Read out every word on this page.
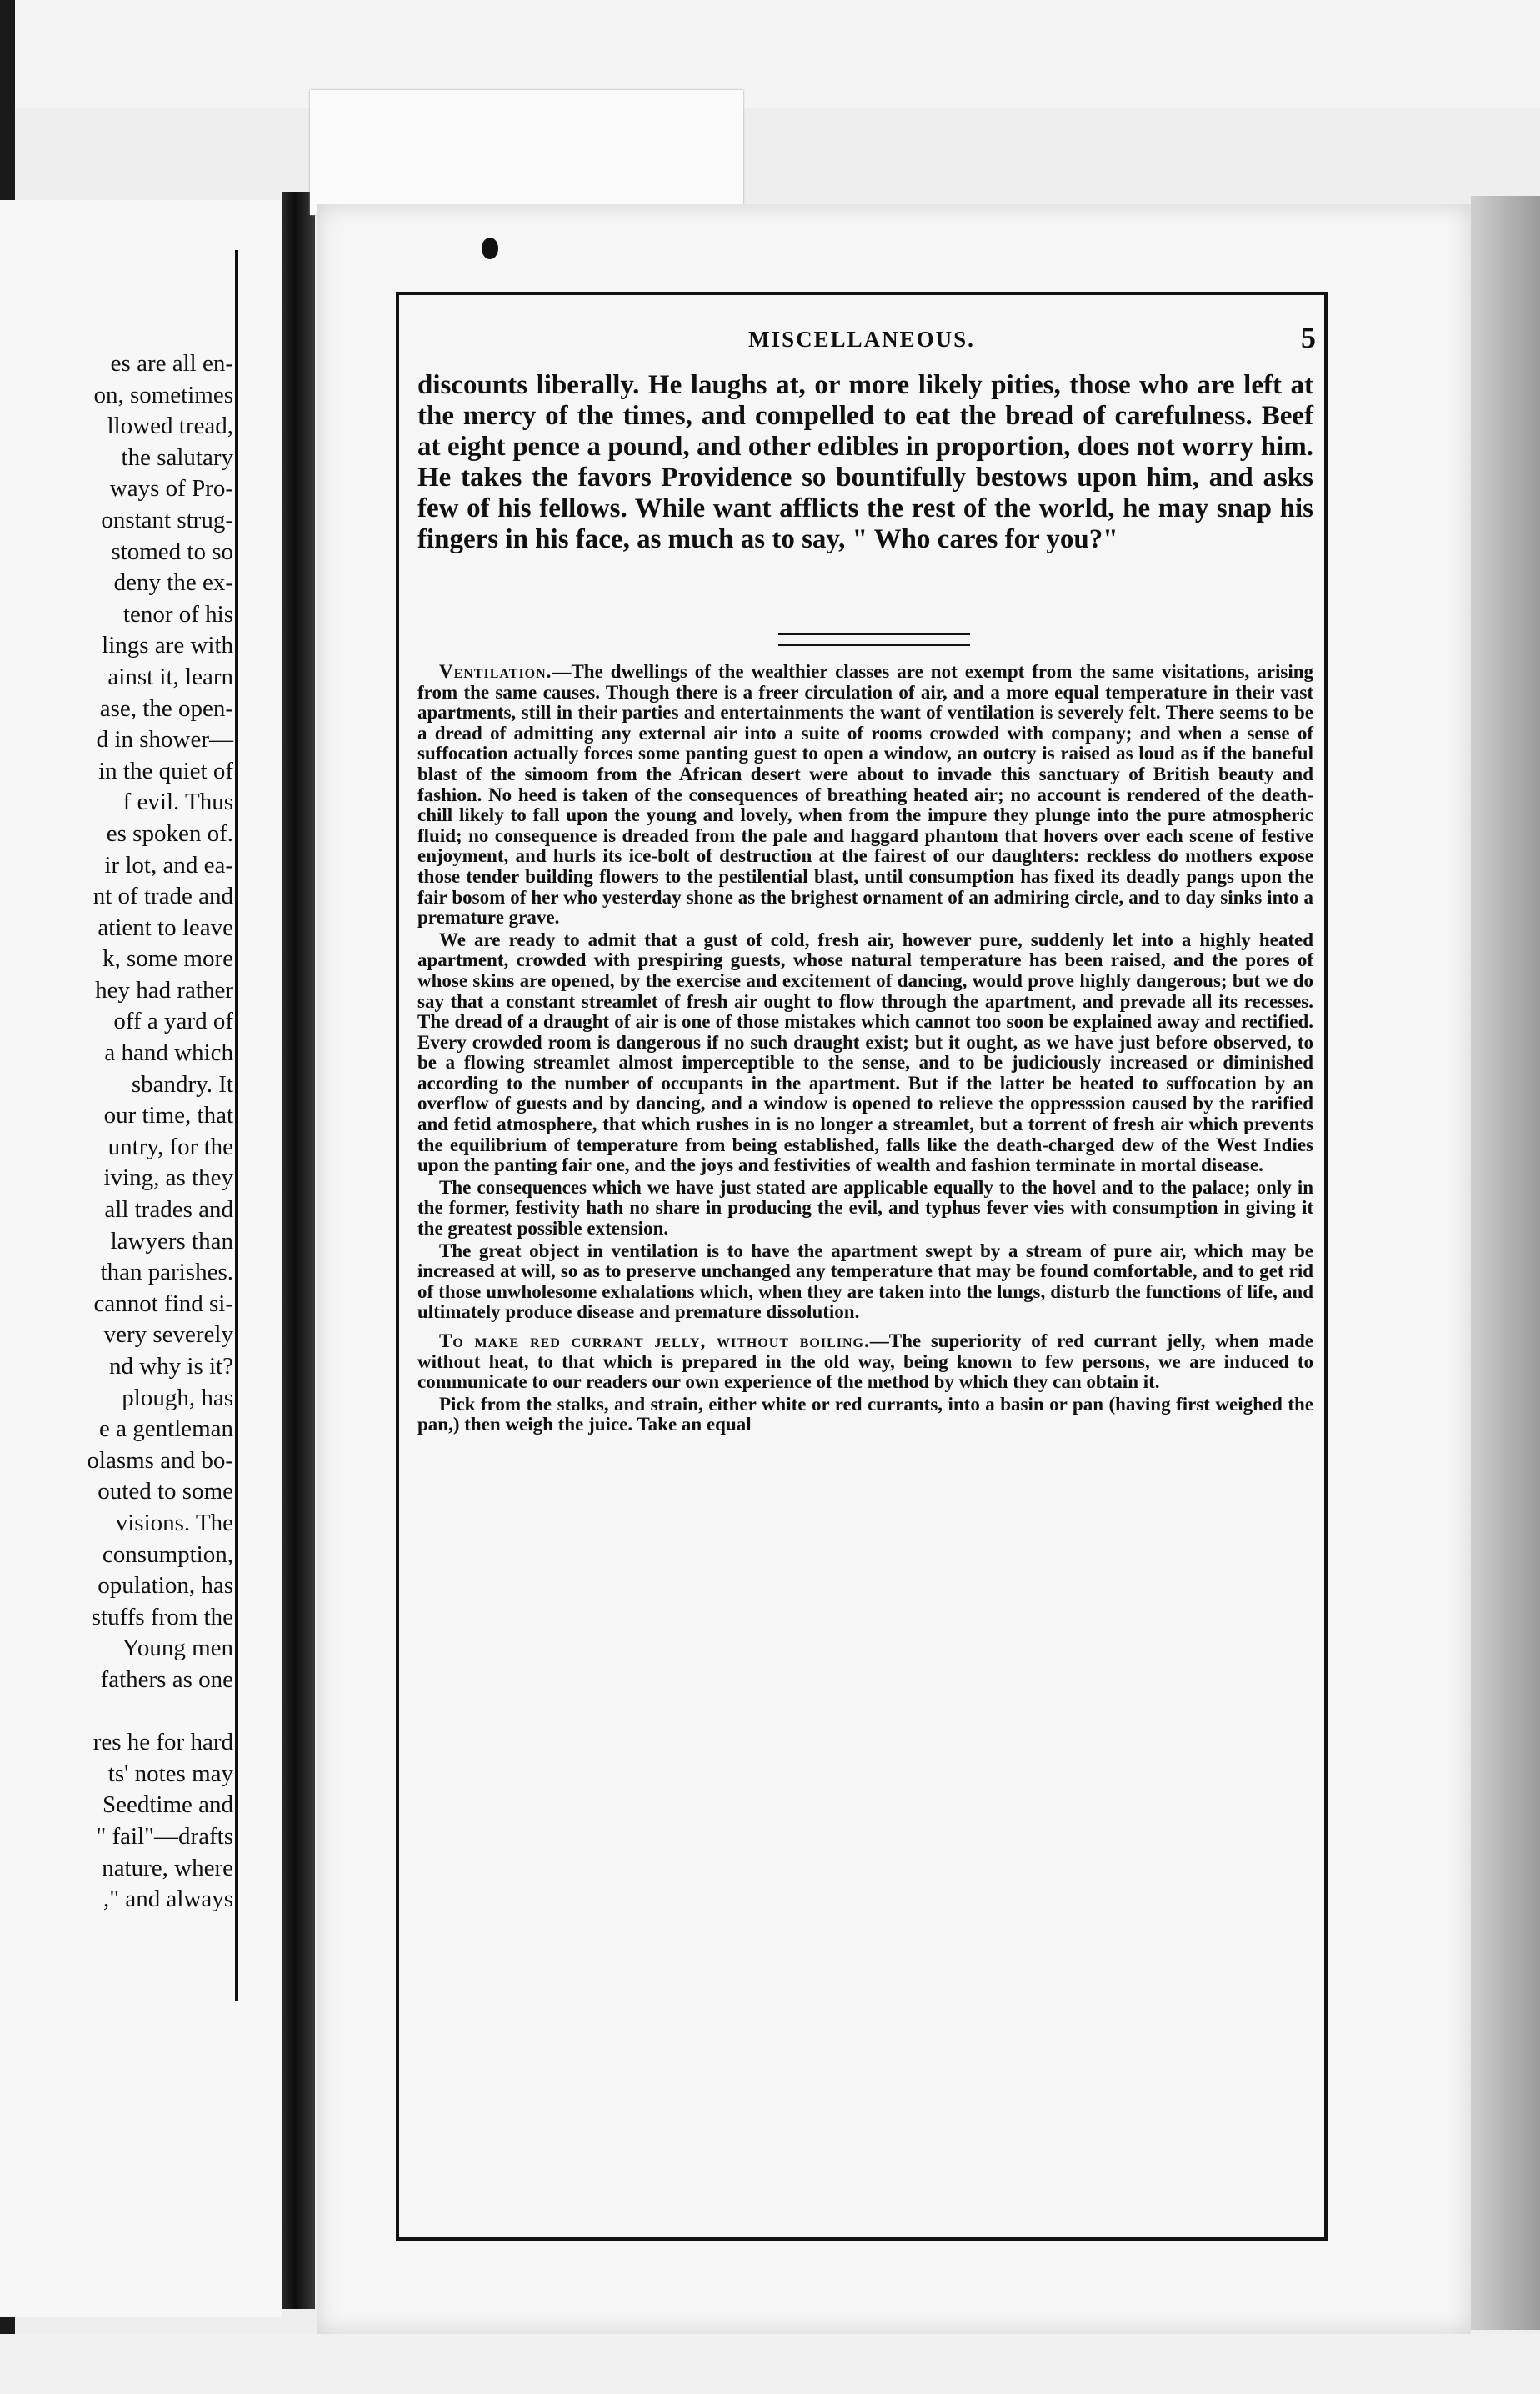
es are all en-
on, sometimes
llowed tread,
the salutary
ways of Pro-
onstant strug-
stomed to so
deny the ex-
tenor of his
lings are with
ainst it, learn
ase, the open-
d in shower—
in the quiet of
f evil. Thus
es spoken of.
ir lot, and ea-
nt of trade and
atient to leave
k, some more
hey had rather
off a yard of
a hand which
sbandry. It
our time, that
untry, for the
iving, as they
all trades and
lawyers than
than parishes.
cannot find si-
very severely
nd why is it?
plough, has
e a gentleman
olasms and bo-
outed to some
visions. The
consumption,
opulation, has
stuffs from the
Young men
fathers as one

res he for hard
ts' notes may
Seedtime and
" fail"—drafts
nature, where
," and always
MISCELLANEOUS.	5

discounts liberally. He laughs at, or more likely pities, those who are left at the mercy of the times, and compelled to eat the bread of carefulness. Beef at eight pence a pound, and other edibles in proportion, does not worry him. He takes the favors Providence so bountifully bestows upon him, and asks few of his fellows. While want afflicts the rest of the world, he may snap his fingers in his face, as much as to say, " Who cares for you?"

Ventilation.—The dwellings of the wealthier classes are not exempt from the same visitations, arising from the same causes. Though there is a freer circulation of air, and a more equal temperature in their vast apartments, still in their parties and entertainments the want of ventilation is severely felt. There seems to be a dread of admitting any external air into a suite of rooms crowded with company; and when a sense of suffocation actually forces some panting guest to open a window, an outcry is raised as loud as if the baneful blast of the simoom from the African desert were about to invade this sanctuary of British beauty and fashion. No heed is taken of the consequences of breathing heated air; no account is rendered of the death-chill likely to fall upon the young and lovely, when from the impure they plunge into the pure atmospheric fluid; no consequence is dreaded from the pale and haggard phantom that hovers over each scene of festive enjoyment, and hurls its ice-bolt of destruction at the fairest of our daughters: reckless do mothers expose those tender building flowers to the pestilential blast, until consumption has fixed its deadly pangs upon the fair bosom of her who yesterday shone as the brighest ornament of an admiring circle, and to day sinks into a premature grave.

We are ready to admit that a gust of cold, fresh air, however pure, suddenly let into a highly heated apartment, crowded with prespiring guests, whose natural temperature has been raised, and the pores of whose skins are opened, by the exercise and excitement of dancing, would prove highly dangerous; but we do say that a constant streamlet of fresh air ought to flow through the apartment, and prevade all its recesses. The dread of a draught of air is one of those mistakes which cannot too soon be explained away and rectified. Every crowded room is dangerous if no such draught exist; but it ought, as we have just before observed, to be a flowing streamlet almost imperceptible to the sense, and to be judiciously increased or diminished according to the number of occupants in the apartment. But if the latter be heated to suffocation by an overflow of guests and by dancing, and a window is opened to relieve the oppresssion caused by the rarified and fetid atmosphere, that which rushes in is no longer a streamlet, but a torrent of fresh air which prevents the equilibrium of temperature from being established, falls like the death-charged dew of the West Indies upon the panting fair one, and the joys and festivities of wealth and fashion terminate in mortal disease.

The consequences which we have just stated are applicable equally to the hovel and to the palace; only in the former, festivity hath no share in producing the evil, and typhus fever vies with consumption in giving it the greatest possible extension.

The great object in ventilation is to have the apartment swept by a stream of pure air, which may be increased at will, so as to preserve unchanged any temperature that may be found comfortable, and to get rid of those unwholesome exhalations which, when they are taken into the lungs, disturb the functions of life, and ultimately produce disease and premature dissolution.

To make red currant jelly, without boiling.—The superiority of red currant jelly, when made without heat, to that which is prepared in the old way, being known to few persons, we are induced to communicate to our readers our own experience of the method by which they can obtain it.

Pick from the stalks, and strain, either white or red currants, into a basin or pan (having first weighed the pan,) then weigh the juice. Take an equal
